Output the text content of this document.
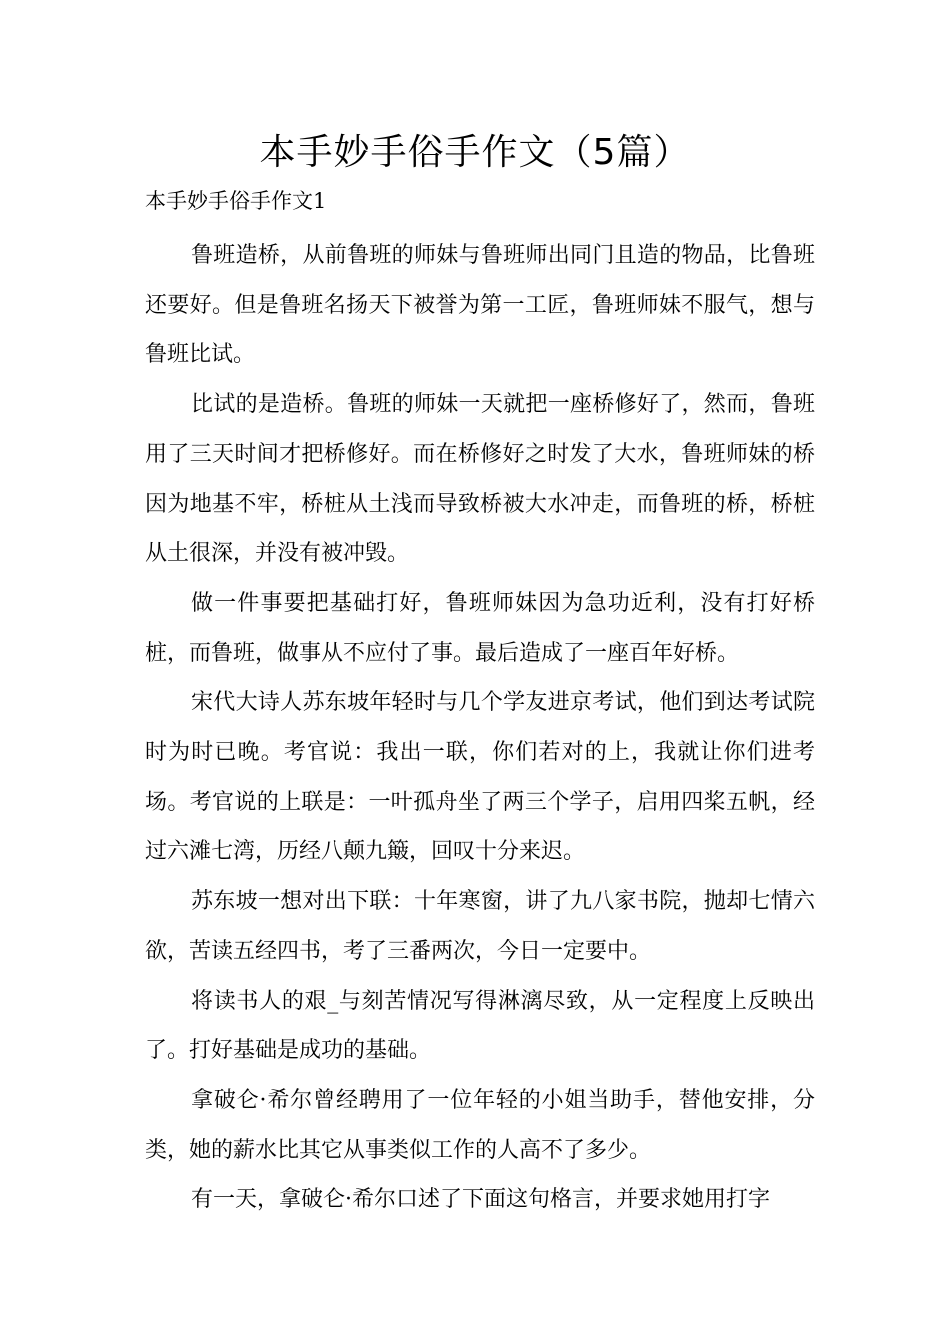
本手妙手俗手作文（5篇）
本手妙手俗手作文1

鲁班造桥，从前鲁班的师妹与鲁班师出同门且造的物品，比鲁班还要好。但是鲁班名扬天下被誉为第一工匠，鲁班师妹不服气，想与鲁班比试。

比试的是造桥。鲁班的师妹一天就把一座桥修好了，然而，鲁班用了三天时间才把桥修好。而在桥修好之时发了大水，鲁班师妹的桥因为地基不牢，桥桩从土浅而导致桥被大水冲走，而鲁班的桥，桥桩从土很深，并没有被冲毁。

做一件事要把基础打好，鲁班师妹因为急功近利，没有打好桥桩，而鲁班，做事从不应付了事。最后造成了一座百年好桥。

宋代大诗人苏东坡年轻时与几个学友进京考试，他们到达考试院时为时已晚。考官说：我出一联，你们若对的上，我就让你们进考场。考官说的上联是：一叶孤舟坐了两三个学子，启用四桨五帆，经过六滩七湾，历经八颠九簸，回叹十分来迟。

苏东坡一想对出下联：十年寒窗，讲了九八家书院，抛却七情六欲，苦读五经四书，考了三番两次，今日一定要中。

将读书人的艰_与刻苦情况写得淋漓尽致，从一定程度上反映出了。打好基础是成功的基础。

拿破仑·希尔曾经聘用了一位年轻的小姐当助手，替他安排，分类，她的薪水比其它从事类似工作的人高不了多少。

有一天，拿破仑·希尔口述了下面这句格言，并要求她用打字
